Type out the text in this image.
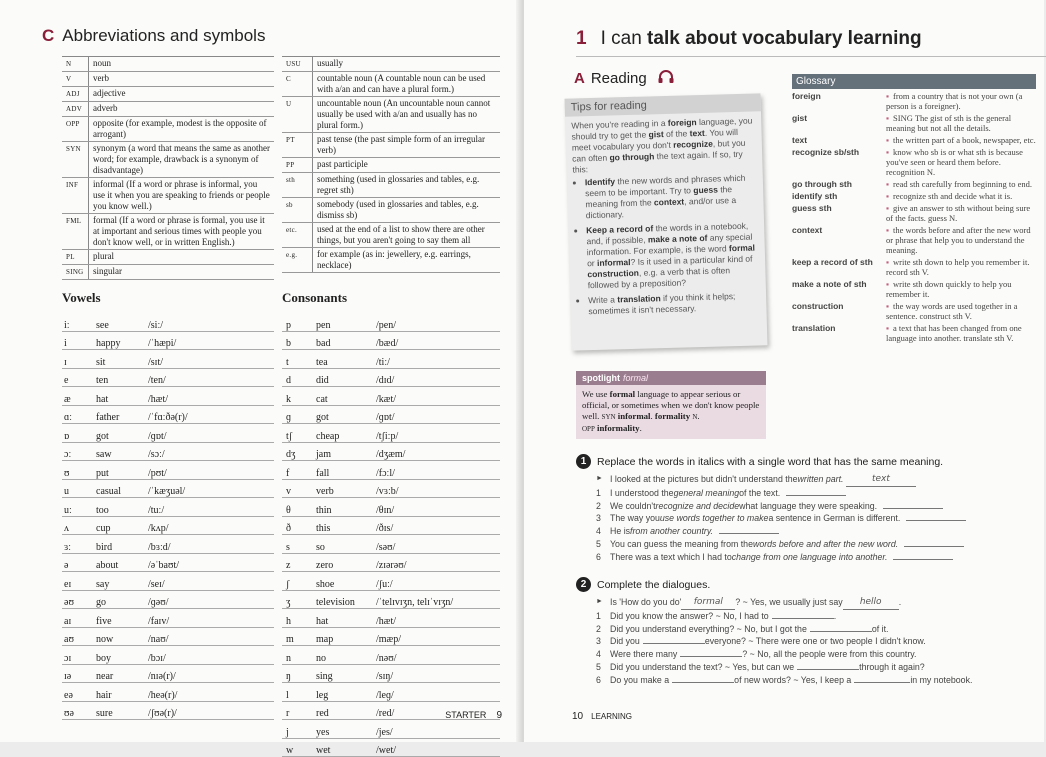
C Abbreviations and symbols
N	noun
V	verb
ADJ	adjective
ADV	adverb
OPP	opposite (for example, modest is the opposite of arrogant)
SYN	synonym (a word that means the same as another word; for example, drawback is a synonym of disadvantage)
INF	informal (If a word or phrase is informal, you use it when you are speaking to friends or people you know well.)
FML	formal (If a word or phrase is formal, you use it at important and serious times with people you don't know well, or in written English.)
PL	plural
SING	singular
USU	usually
C	countable noun (A countable noun can be used with a/an and can have a plural form.)
U	uncountable noun (An uncountable noun cannot usually be used with a/an and usually has no plural form.)
PT	past tense (the past simple form of an irregular verb)
PP	past participle
sth	something (used in glossaries and tables, e.g. regret sth)
sb	somebody (used in glossaries and tables, e.g. dismiss sb)
etc.	used at the end of a list to show there are other things, but you aren't going to say them all
e.g.	for example (as in: jewellery, e.g. earrings, necklace)
Vowels	Consonants
iː	see	/siː/
i	happy	/ˈhæpi/
ɪ	sit	/sɪt/
e	ten	/ten/
æ	hat	/hæt/
ɑː	father	/ˈfɑːðə(r)/
ɒ	got	/ɡɒt/
ɔː	saw	/sɔː/
ʊ	put	/pʊt/
u	casual	/ˈkæʒuəl/
uː	too	/tuː/
ʌ	cup	/kʌp/
ɜː	bird	/bɜːd/
ə	about	/əˈbaʊt/
eɪ	say	/seɪ/
əʊ	go	/ɡəʊ/
aɪ	five	/faɪv/
aʊ	now	/naʊ/
ɔɪ	boy	/bɔɪ/
ɪə	near	/nɪə(r)/
eə	hair	/heə(r)/
ʊə	sure	/ʃʊə(r)/
p	pen	/pen/
b	bad	/bæd/
t	tea	/tiː/
d	did	/dɪd/
k	cat	/kæt/
ɡ	got	/ɡɒt/
tʃ	cheap	/tʃiːp/
dʒ	jam	/dʒæm/
f	fall	/fɔːl/
v	verb	/vɜːb/
θ	thin	/θɪn/
ð	this	/ðɪs/
s	so	/səʊ/
z	zero	/zɪərəʊ/
ʃ	shoe	/ʃuː/
ʒ	television	/ˈtelɪvɪʒn, telɪˈvɪʒn/
h	hat	/hæt/
m	map	/mæp/
n	no	/nəʊ/
ŋ	sing	/sɪŋ/
l	leg	/leɡ/
r	red	/red/
j	yes	/jes/
w	wet	/wet/
STARTER 9
1 I can talk about vocabulary learning
A Reading
Tips for reading
When you're reading in a foreign language, you should try to get the gist of the text. You will meet vocabulary you don't recognize, but you can often go through the text again. If so, try this:
• Identify the new words and phrases which seem to be important. Try to guess the meaning from the context, and/or use a dictionary.
• Keep a record of the words in a notebook, and, if possible, make a note of any special information. For example, is the word formal or informal? Is it used in a particular kind of construction, e.g. a verb that is often followed by a preposition?
• Write a translation if you think it helps; sometimes it isn't necessary.
spotlight formal
We use formal language to appear serious or official, or sometimes when we don't know people well. SYN informal. formality N.
OPP informality.
Glossary
foreign	▪ from a country that is not your own (a person is a foreigner).
gist	▪ SING The gist of sth is the general meaning but not all the details.
text	▪ the written part of a book, newspaper, etc.
recognize sb/sth	▪ know who sb is or what sth is because you've seen or heard them before. recognition N.
go through sth	▪ read sth carefully from beginning to end.
identify sth	▪ recognize sth and decide what it is.
guess sth	▪ give an answer to sth without being sure of the facts. guess N.
context	▪ the words before and after the new word or phrase that help you to understand the meaning.
keep a record of sth	▪ write sth down to help you remember it. record sth V.
make a note of sth	▪ write sth down quickly to help you remember it.
construction	▪ the way words are used together in a sentence. construct sth V.
translation	▪ a text that has been changed from one language into another. translate sth V.
1	Replace the words in italics with a single word that has the same meaning.
► I looked at the pictures but didn't understand the written part.
	text
1	I understood the general meaning of the text.
2	We couldn't recognize and decide what language they were speaking.
3	The way you use words together to make a sentence in German is different.
4	He is from another country.
5	You can guess the meaning from the words before and after the new word.
6	There was a text which I had to change from one language into another.
2	Complete the dialogues.
► Is 'How do you do'	formal	? ~ Yes, we usually just say	hello	.
1	Did you know the answer? ~ No, I had to	.
2	Did you understand everything? ~ No, but I got the	of it.
3	Did you	everyone? ~ There were one or two people I didn't know.
4	Were there many	? ~ No, all the people were from this country.
5	Did you understand the text? ~ Yes, but can we	through it again?
6	Do you make a	of new words? ~ Yes, I keep a	in my notebook.
10 LEARNING
